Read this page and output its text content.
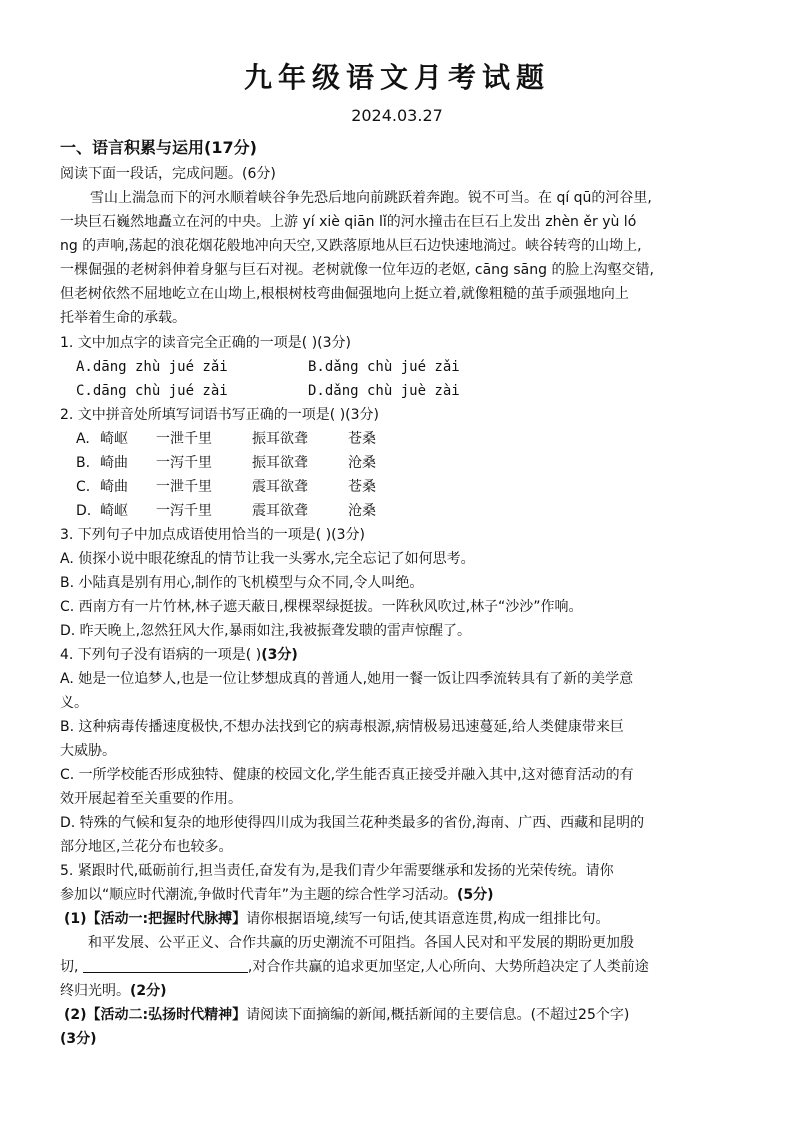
九年级语文月考试题
2024.03.27
一、语言积累与运用(17分)
阅读下面一段话，完成问题。(6分)
雪山上湍急而下的河水顺着峡谷争先恐后地向前跳跃着奔跑。锐不可当。在 qí qū的河谷里,
一块巨石巍然地矗立在河的中央。上游 yí xiè qiān lǐ的河水撞击在巨石上发出 zhèn ěr yù ló
ng 的声响,荡起的浪花烟花般地冲向天空,又跌落原地从巨石边快速地淌过。峡谷转弯的山坳上,
一棵倔强的老树斜伸着身躯与巨石对视。老树就像一位年迈的老妪, cāng sāng 的脸上沟壑交错,
但老树依然不屈地屹立在山坳上,根根树枝弯曲倔强地向上挺立着,就像粗糙的茧手顽强地向上
托举着生命的承载。
1. 文中加点字的读音完全正确的一项是( )(3分)
A.dāng zhù jué zǎi	B.dǎng chù jué zǎi
C.dāng chù jué zài	D.dǎng chù juè zài
2. 文中拼音处所填写词语书写正确的一项是( )(3分)
A. 崎岖 一泄千里	振耳欲聋	苍桑
B. 崎曲 一泻千里	振耳欲聋	沧桑
C. 崎曲 一泄千里	震耳欲聋	苍桑
D. 崎岖 一泻千里	震耳欲聋	沧桑
3. 下列句子中加点成语使用恰当的一项是( )(3分)
A. 侦探小说中眼花缭乱的情节让我一头雾水,完全忘记了如何思考。
B. 小陆真是别有用心,制作的飞机模型与众不同,令人叫绝。
C. 西南方有一片竹林,林子遮天蔽日,棵棵翠绿挺拔。一阵秋风吹过,林子“沙沙”作响。
D. 昨天晚上,忽然狂风大作,暴雨如注,我被振聋发聩的雷声惊醒了。
4. 下列句子没有语病的一项是( )(3分)
A. 她是一位追梦人,也是一位让梦想成真的普通人,她用一餐一饭让四季流转具有了新的美学意
义。
B. 这种病毒传播速度极快,不想办法找到它的病毒根源,病情极易迅速蔓延,给人类健康带来巨
大威胁。
C. 一所学校能否形成独特、健康的校园文化,学生能否真正接受并融入其中,这对德育活动的有
效开展起着至关重要的作用。
D. 特殊的气候和复杂的地形使得四川成为我国兰花种类最多的省份,海南、广西、西藏和昆明的
部分地区,兰花分布也较多。
5. 紧跟时代,砥砺前行,担当责任,奋发有为,是我们青少年需要继承和发扬的光荣传统。请你
参加以“顺应时代潮流,争做时代青年”为主题的综合性学习活动。(5分)
(1)【活动一:把握时代脉搏】请你根据语境,续写一句话,使其语意连贯,构成一组排比句。
和平发展、公平正义、合作共赢的历史潮流不可阻挡。各国人民对和平发展的期盼更加殷
切,	,对合作共赢的追求更加坚定,人心所向、大势所趋决定了人类前途
终归光明。(2分)
(2)【活动二:弘扬时代精神】请阅读下面摘编的新闻,概括新闻的主要信息。(不超过25个字)
(3分)
